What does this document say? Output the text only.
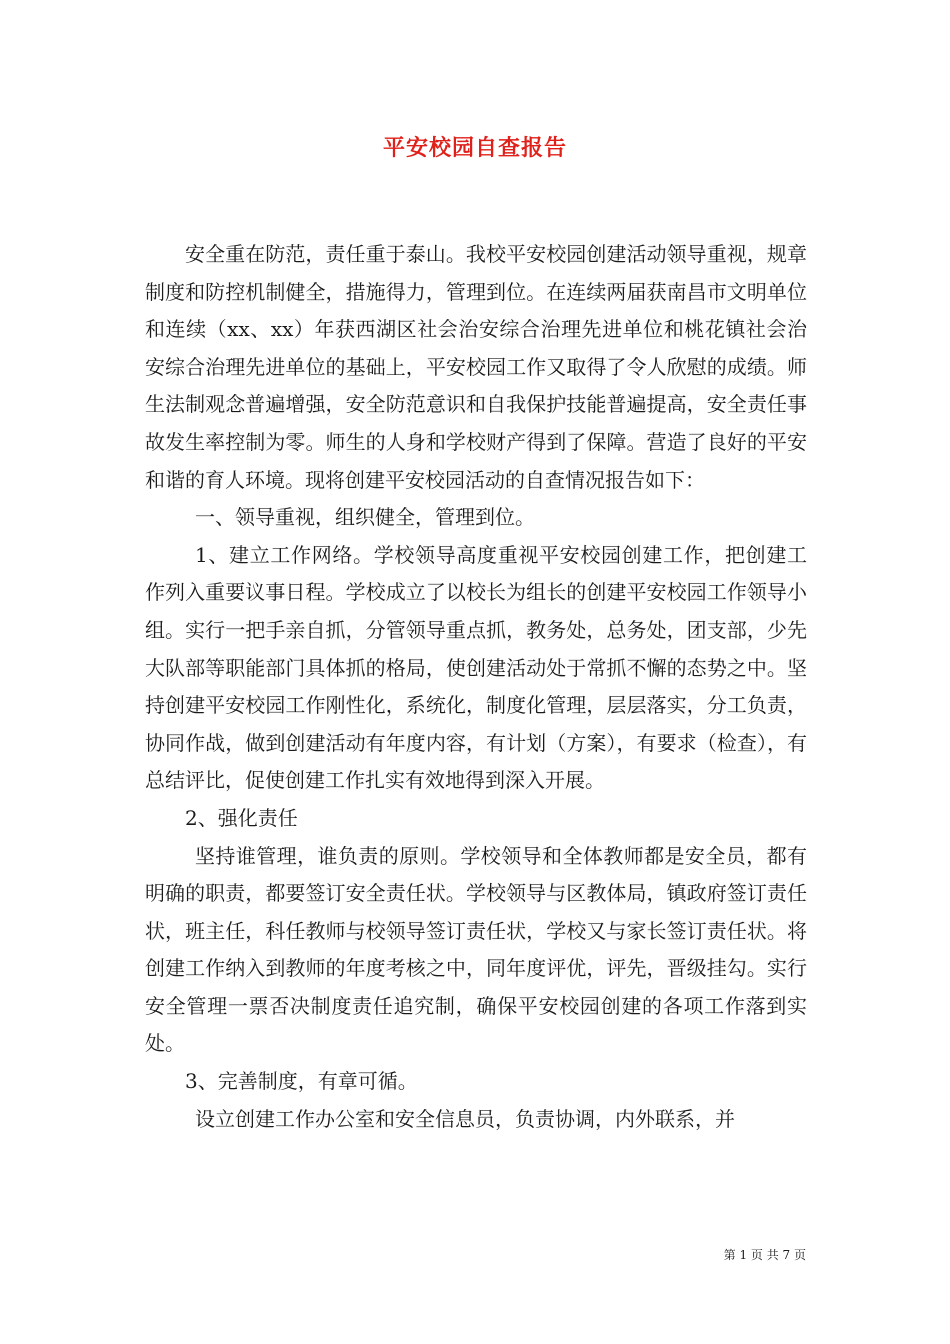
平安校园自查报告

安全重在防范，责任重于泰山。我校平安校园创建活动领导重视，规章制度和防控机制健全，措施得力，管理到位。在连续两届获南昌市文明单位和连续（xx、xx）年获西湖区社会治安综合治理先进单位和桃花镇社会治安综合治理先进单位的基础上，平安校园工作又取得了令人欣慰的成绩。师生法制观念普遍增强，安全防范意识和自我保护技能普遍提高，安全责任事故发生率控制为零。师生的人身和学校财产得到了保障。营造了良好的平安和谐的育人环境。现将创建平安校园活动的自查情况报告如下：

一、领导重视，组织健全，管理到位。

1、建立工作网络。学校领导高度重视平安校园创建工作，把创建工作列入重要议事日程。学校成立了以校长为组长的创建平安校园工作领导小组。实行一把手亲自抓，分管领导重点抓，教务处，总务处，团支部，少先大队部等职能部门具体抓的格局，使创建活动处于常抓不懈的态势之中。坚持创建平安校园工作刚性化，系统化，制度化管理，层层落实，分工负责，协同作战，做到创建活动有年度内容，有计划（方案），有要求（检查），有总结评比，促使创建工作扎实有效地得到深入开展。

2、强化责任

坚持谁管理，谁负责的原则。学校领导和全体教师都是安全员，都有明确的职责，都要签订安全责任状。学校领导与区教体局，镇政府签订责任状，班主任，科任教师与校领导签订责任状，学校又与家长签订责任状。将创建工作纳入到教师的年度考核之中，同年度评优，评先，晋级挂勾。实行安全管理一票否决制度责任追究制，确保平安校园创建的各项工作落到实处。

3、完善制度，有章可循。

设立创建工作办公室和安全信息员，负责协调，内外联系，并

第 1 页 共 7 页
